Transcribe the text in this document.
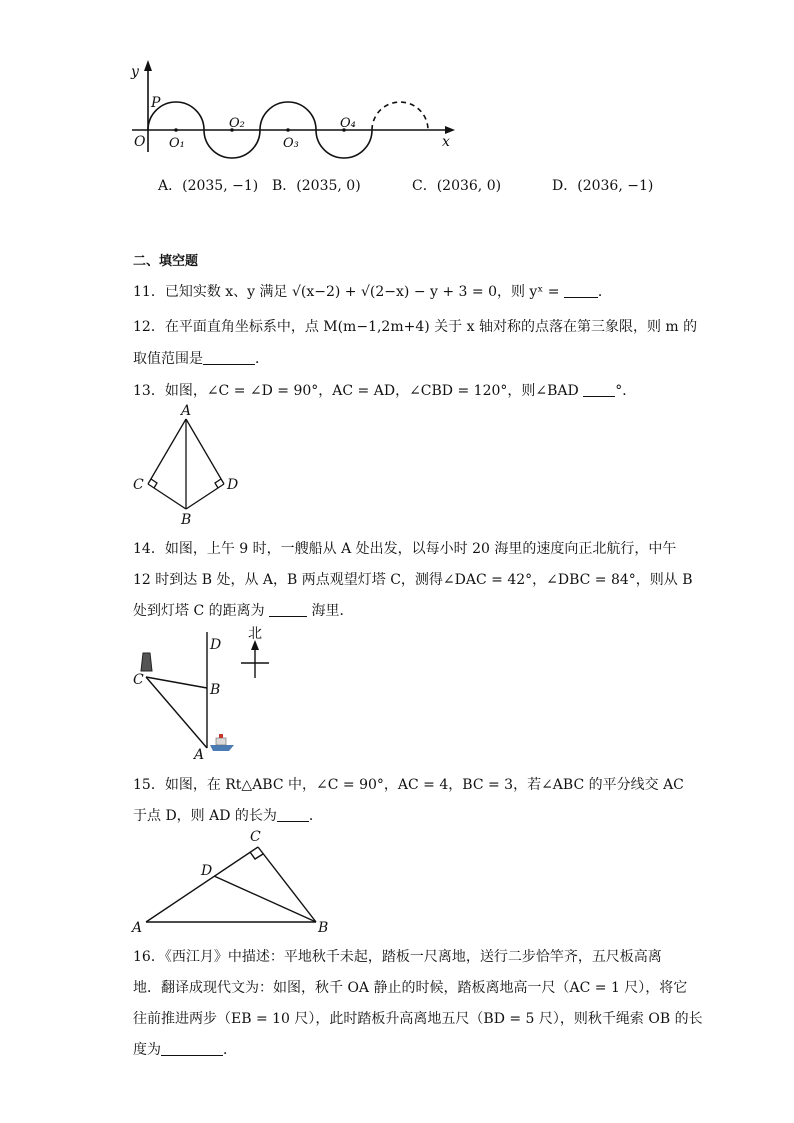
y
x
O
P
O₁
O₂
O₃
O₄
A．(2035, −1) B．(2035, 0)	C．(2036, 0)	D．(2036, −1)
二、填空题
11．已知实数 x、y 满足 √(x−2) + √(2−x) − y + 3 = 0，则 yˣ =	．
12．在平面直角坐标系中，点 M(m−1,2m+4) 关于 x 轴对称的点落在第三象限，则 m 的
取值范围是	．
13．如图，∠C = ∠D = 90°，AC = AD，∠CBD = 120°，则∠BAD	°．
A
C	D
B
14．如图，上午 9 时，一艘船从 A 处出发，以每小时 20 海里的速度向正北航行，中午
12 时到达 B 处，从 A，B 两点观望灯塔 C，测得∠DAC = 42°，∠DBC = 84°，则从 B
处到灯塔 C 的距离为	海里．
D
B
C
A
北
15．如图，在 Rt△ABC 中，∠C = 90°，AC = 4，BC = 3，若∠ABC 的平分线交 AC
于点 D，则 AD 的长为 ．
A	B
C
D
16．《西江月》中描述：平地秋千未起，踏板一尺离地，送行二步恰竿齐，五尺板高离
地．翻译成现代文为：如图，秋千 OA 静止的时候，踏板离地高一尺（AC = 1 尺），将它
往前推进两步（EB = 10 尺），此时踏板升高离地五尺（BD = 5 尺），则秋千绳索 OB 的长
度为	．
